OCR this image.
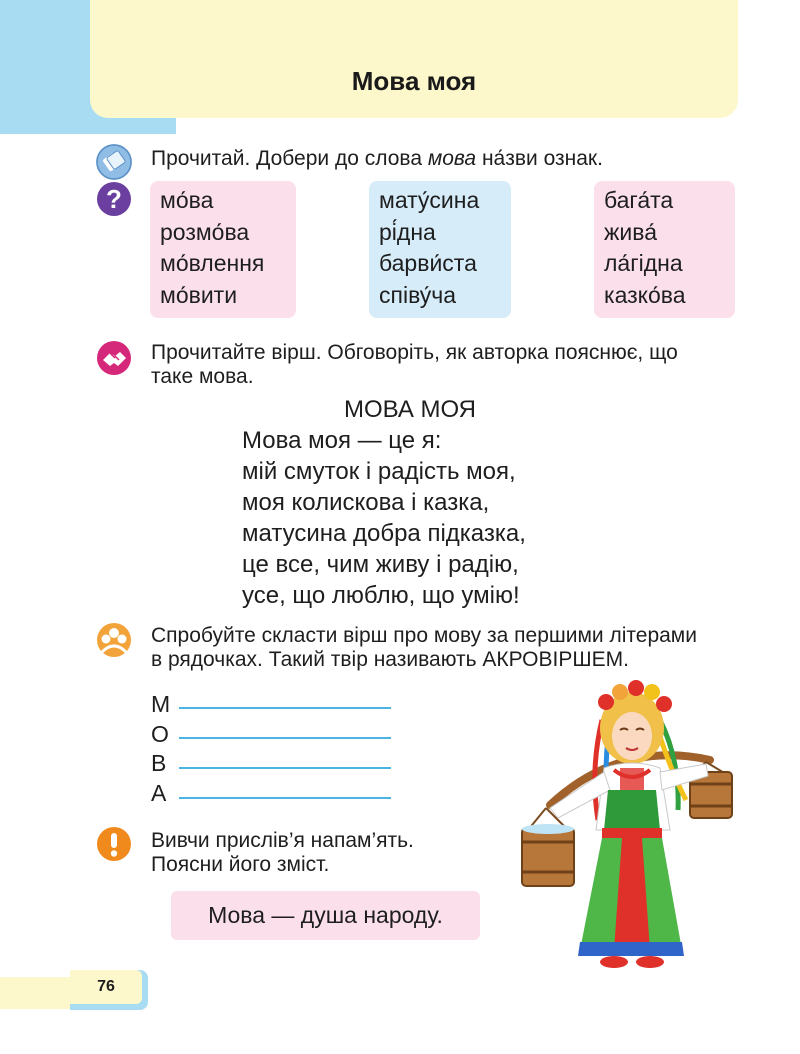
Мова моя
?
Прочитай. Добери до слова мова на́зви ознак.
мо́ва
розмо́ва
мо́влення
мо́вити
мату́сина
рі́дна
барви́ста
співу́ча
бага́та
жива́
ла́гідна
казко́ва
Прочитайте вірш. Обговоріть, як авторка пояснює, що
таке мова.
МОВА МОЯ
Мова моя — це я:
мій смуток і радість моя,
моя колискова і казка,
матусина добра підказка,
це все, чим живу і радію,
усе, що люблю, що умію!
Спробуйте скласти вірш про мову за першими літерами
в рядочках. Такий твір називають АКРОВІРШЕМ.
М
О
В
А
Вивчи прислів’я напам’ять.
Поясни його зміст.
Мова — душа народу.
76
